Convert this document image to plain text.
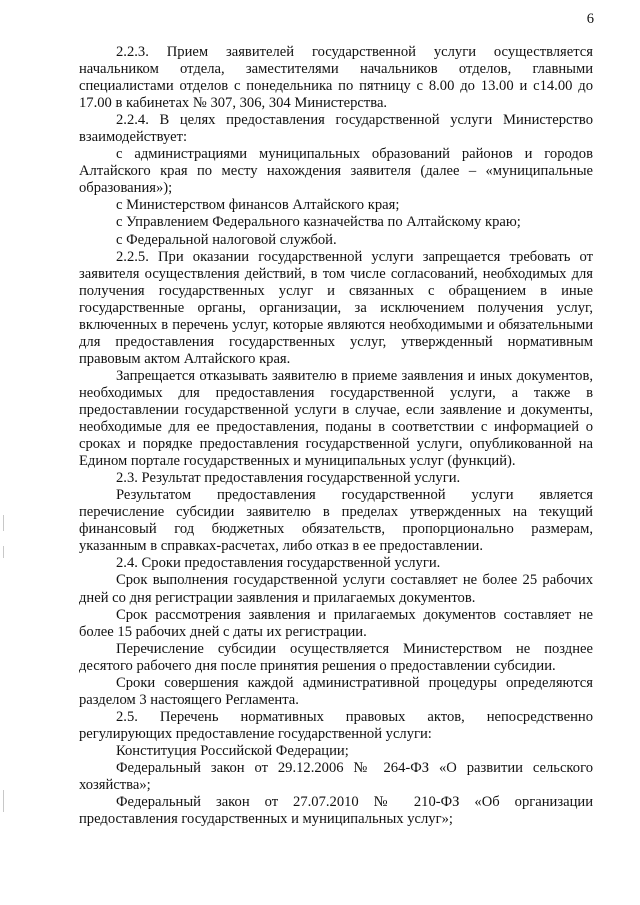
6

2.2.3. Прием заявителей государственной услуги осуществляется начальником отдела, заместителями начальников отделов, главными специалистами отделов с понедельника по пятницу с 8.00 до 13.00 и с14.00 до 17.00 в кабинетах № 307, 306, 304 Министерства.

2.2.4. В целях предоставления государственной услуги Министерство взаимодействует:

с администрациями муниципальных образований районов и городов Алтайского края по месту нахождения заявителя (далее – «муниципальные образования»);

с Министерством финансов Алтайского края;

с Управлением Федерального казначейства по Алтайскому краю;

с Федеральной налоговой службой.

2.2.5. При оказании государственной услуги запрещается требовать от заявителя осуществления действий, в том числе согласований, необходимых для получения государственных услуг и связанных с обращением в иные государственные органы, организации, за исключением получения услуг, включенных в перечень услуг, которые являются необходимыми и обязательными для предоставления государственных услуг, утвержденный нормативным правовым актом Алтайского края.

Запрещается отказывать заявителю в приеме заявления и иных документов, необходимых для предоставления государственной услуги, а также в предоставлении государственной услуги в случае, если заявление и документы, необходимые для ее предоставления, поданы в соответствии с информацией о сроках и порядке предоставления государственной услуги, опубликованной на Едином портале государственных и муниципальных услуг (функций).

2.3. Результат предоставления государственной услуги.

Результатом предоставления государственной услуги является перечисление субсидии заявителю в пределах утвержденных на текущий финансовый год бюджетных обязательств, пропорционально размерам, указанным в справках-расчетах, либо отказ в ее предоставлении.

2.4. Сроки предоставления государственной услуги.

Срок выполнения государственной услуги составляет не более 25 рабочих дней со дня регистрации заявления и прилагаемых документов.

Срок рассмотрения заявления и прилагаемых документов составляет не более 15 рабочих дней с даты их регистрации.

Перечисление субсидии осуществляется Министерством не позднее десятого рабочего дня после принятия решения о предоставлении субсидии.

Сроки совершения каждой административной процедуры определяются разделом 3 настоящего Регламента.

2.5. Перечень нормативных правовых актов, непосредственно регулирующих предоставление государственной услуги:

Конституция Российской Федерации;

Федеральный закон от 29.12.2006 № 264-ФЗ «О развитии сельского хозяйства»;

Федеральный закон от 27.07.2010 № 210-ФЗ «Об организации предоставления государственных и муниципальных услуг»;
